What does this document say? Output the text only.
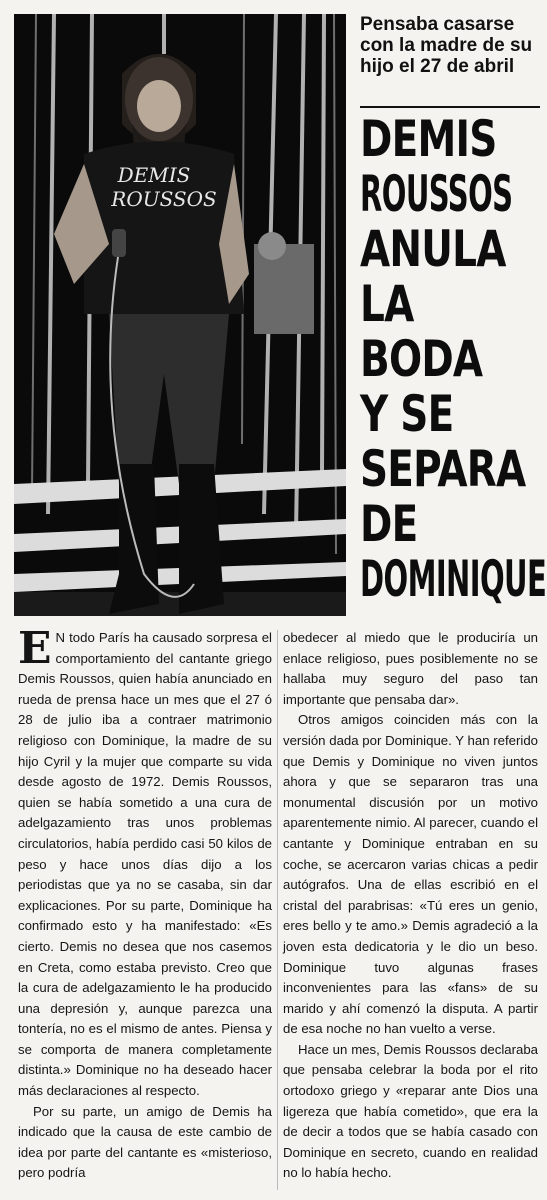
DEMIS
ROUSSOS
Pensaba casarse con la madre de su hijo el 27 de abril
DEMIS
ROUSSOS
ANULA
LA
BODA
Y SE
SEPARA
DE
DOMINIQUE

E N todo París ha causado sorpresa el comportamiento del cantante griego Demis Roussos, quien había anunciado en rueda de prensa hace un mes que el 27 ó 28 de julio iba a contraer matrimonio religioso con Dominique, la madre de su hijo Cyril y la mujer que comparte su vida desde agosto de 1972. Demis Roussos, quien se había sometido a una cura de adelgazamiento tras unos problemas circulatorios, había perdido casi 50 kilos de peso y hace unos días dijo a los periodistas que ya no se casaba, sin dar explicaciones. Por su parte, Dominique ha confirmado esto y ha manifestado: «Es cierto. Demis no desea que nos casemos en Creta, como estaba previsto. Creo que la cura de adelgazamiento le ha producido una depresión y, aunque parezca una tontería, no es el mismo de antes. Piensa y se comporta de manera completamente distinta.» Dominique no ha deseado hacer más declaraciones al respecto.

Por su parte, un amigo de Demis ha indicado que la causa de este cambio de idea por parte del cantante es «misterioso, pero podría

obedecer al miedo que le produciría un enlace religioso, pues posiblemente no se hallaba muy seguro del paso tan importante que pensaba dar».

Otros amigos coinciden más con la versión dada por Dominique. Y han referido que Demis y Dominique no viven juntos ahora y que se separaron tras una monumental discusión por un motivo aparentemente nimio. Al parecer, cuando el cantante y Dominique entraban en su coche, se acercaron varias chicas a pedir autógrafos. Una de ellas escribió en el cristal del parabrisas: «Tú eres un genio, eres bello y te amo.» Demis agradeció a la joven esta dedicatoria y le dio un beso. Dominique tuvo algunas frases inconvenientes para las «fans» de su marido y ahí comenzó la disputa. A partir de esa noche no han vuelto a verse.

Hace un mes, Demis Roussos declaraba que pensaba celebrar la boda por el rito ortodoxo griego y «reparar ante Dios una ligereza que había cometido», que era la de decir a todos que se había casado con Dominique en secreto, cuando en realidad no lo había hecho.
